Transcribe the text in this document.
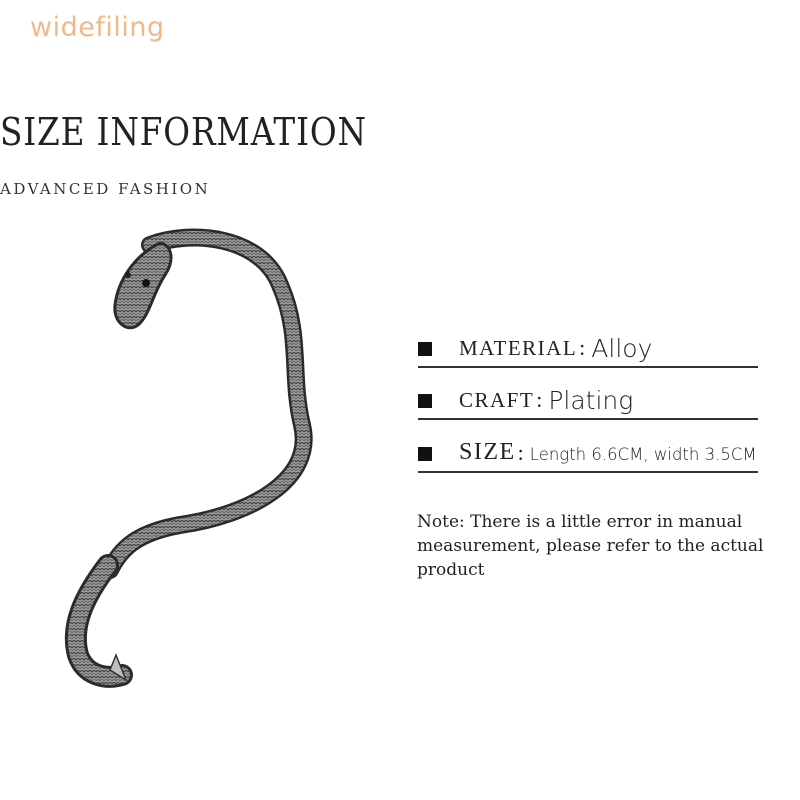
widefiling
SIZE INFORMATION
ADVANCED FASHION
MATERIAL : Alloy
CRAFT : Plating
SIZE : Length 6.6CM, width 3.5CM
Note: There is a little error in manual measurement, please refer to the actual product
